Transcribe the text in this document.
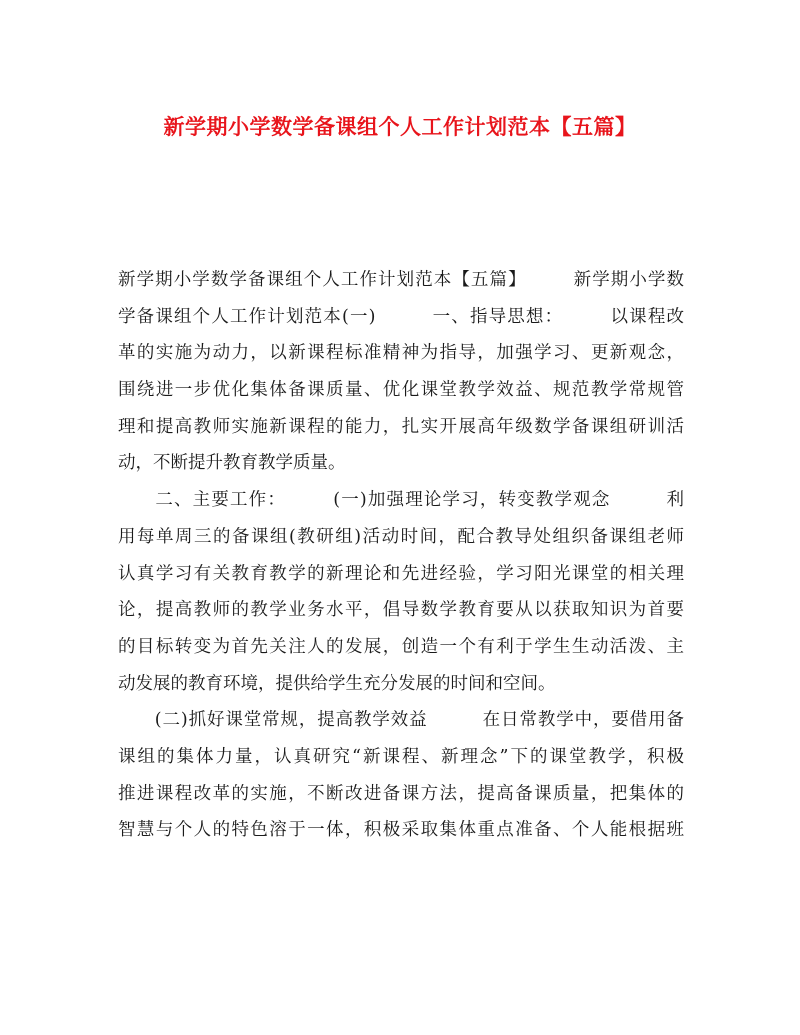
新学期小学数学备课组个人工作计划范本【五篇】
新学期小学数学备课组个人工作计划范本【五篇】　　　新学期小学数
学备课组个人工作计划范本(一)　　　一、指导思想：　　　以课程改
革的实施为动力，以新课程标准精神为指导，加强学习、更新观念，
围绕进一步优化集体备课质量、优化课堂教学效益、规范教学常规管
理和提高教师实施新课程的能力，扎实开展高年级数学备课组研训活
动，不断提升教育教学质量。
　　二、主要工作：　　　(一)加强理论学习，转变教学观念　　　利
用每单周三的备课组(教研组)活动时间，配合教导处组织备课组老师
认真学习有关教育教学的新理论和先进经验，学习阳光课堂的相关理
论，提高教师的教学业务水平，倡导数学教育要从以获取知识为首要
的目标转变为首先关注人的发展，创造一个有利于学生生动活泼、主
动发展的教育环境，提供给学生充分发展的时间和空间。
　　(二)抓好课堂常规，提高教学效益　　　在日常教学中，要借用备
课组的集体力量，认真研究“新课程、新理念”下的课堂教学，积极
推进课程改革的实施，不断改进备课方法，提高备课质量，把集体的
智慧与个人的特色溶于一体，积极采取集体重点准备、个人能根据班
